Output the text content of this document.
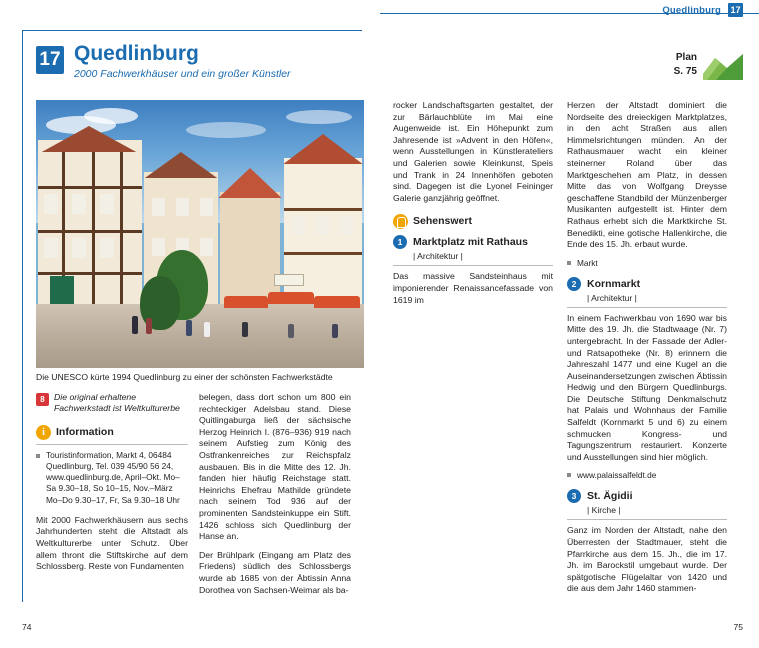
Quedlinburg 17
17 Quedlinburg
2000 Fachwerkhäuser und ein großer Künstler
Plan
S. 75
Die UNESCO kürte 1994 Quedlinburg zu einer der schönsten Fachwerkstädte
8	Die original erhaltene Fachwerkstadt ist Weltkulturerbe
i	Information
Touristinformation, Markt 4, 06484 Quedlinburg, Tel. 039 45/90 56 24, www.quedlinburg.de, April–Okt. Mo–Sa 9.30–18, So 10–15, Nov.–März Mo–Do 9.30–17, Fr, Sa 9.30–18 Uhr

Mit 2000 Fachwerkhäusern aus sechs Jahrhunderten steht die Altstadt als Weltkulturerbe unter Schutz. Über allem thront die Stiftskirche auf dem Schlossberg. Reste von Fundamenten

belegen, dass dort schon um 800 ein rechteckiger Adelsbau stand. Diese Quitlingaburga ließ der sächsische Herzog Heinrich I. (876–936) 919 nach seinem Aufstieg zum König des Ostfrankenreiches zur Reichspfalz ausbauen. Bis in die Mitte des 12. Jh. fanden hier häufig Reichstage statt. Heinrichs Ehefrau Mathilde gründete nach seinem Tod 936 auf der prominenten Sandsteinkuppe ein Stift. 1426 schloss sich Quedlinburg der Hanse an.

Der Brühlpark (Eingang am Platz des Friedens) südlich des Schlossbergs wurde ab 1685 von der Äbtissin Anna Dorothea von Sachsen-Weimar als ba-

rocker Landschaftsgarten gestaltet, der zur Bärlauchblüte im Mai eine Augenweide ist. Ein Höhepunkt zum Jahresende ist »Advent in den Höfen«, wenn Ausstellungen in Künstlerateliers und Galerien sowie Kleinkunst, Speis und Trank in 24 Innenhöfen geboten sind. Dagegen ist die Lyonel Feininger Galerie ganzjährig geöffnet.

Sehenswert
1	Marktplatz mit Rathaus
| Architektur |

Das massive Sandsteinhaus mit imponierender Renaissancefassade von 1619 im

Herzen der Altstadt dominiert die Nordseite des dreieckigen Marktplatzes, in den acht Straßen aus allen Himmelsrichtungen münden. An der Rathausmauer wacht ein kleiner steinerner Roland über das Marktgeschehen am Platz, in dessen Mitte das von Wolfgang Dreysse geschaffene Standbild der Münzenberger Musikanten aufgestellt ist. Hinter dem Rathaus erhebt sich die Marktkirche St. Benedikti, eine gotische Hallenkirche, die Ende des 15. Jh. erbaut wurde.

Markt
2	Kornmarkt
| Architektur |

In einem Fachwerkbau von 1690 war bis Mitte des 19. Jh. die Stadtwaage (Nr. 7) untergebracht. In der Fassade der Adler- und Ratsapotheke (Nr. 8) erinnern die Jahreszahl 1477 und eine Kugel an die Auseinandersetzungen zwischen Äbtissin Hedwig und den Bürgern Quedlinburgs. Die Deutsche Stiftung Denkmalschutz hat Palais und Wohnhaus der Familie Salfeldt (Kornmarkt 5 und 6) zu einem schmucken Kongress- und Tagungszentrum restauriert. Konzerte und Ausstellungen sind hier möglich.

www.palaissalfeldt.de
3	St. Ägidii
| Kirche |

Ganz im Norden der Altstadt, nahe den Überresten der Stadtmauer, steht die Pfarrkirche aus dem 15. Jh., die im 17. Jh. im Barockstil umgebaut wurde. Der spätgotische Flügelaltar von 1420 und die aus dem Jahr 1460 stammen-

74	75
